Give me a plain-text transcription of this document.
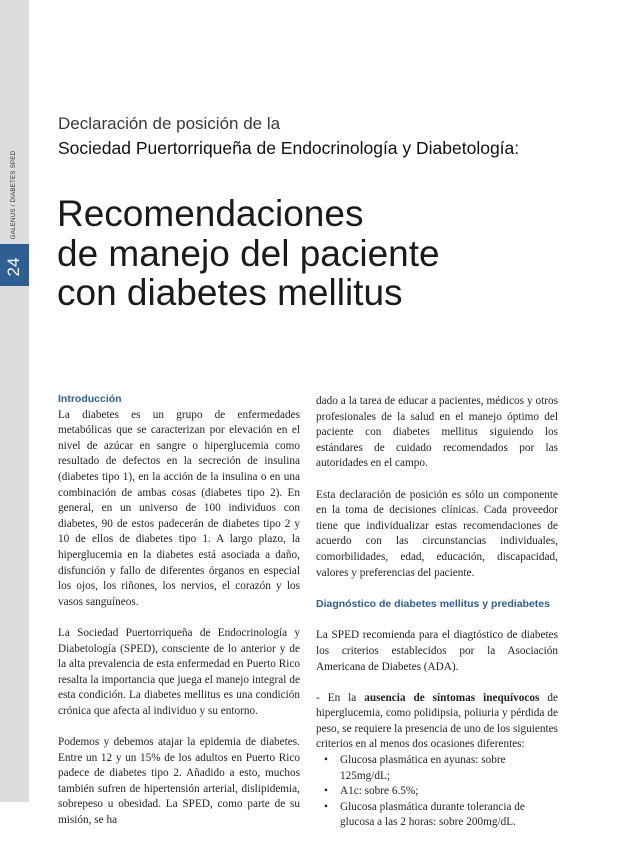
24
GALENUS / DIABETES SPED
Declaración de posición de la
Sociedad Puertorriqueña de Endocrinología y Diabetología:
Recomendaciones
de manejo del paciente
con diabetes mellitus
Introducción

La diabetes es un grupo de enfermedades metabólicas que se caracterizan por elevación en el nivel de azúcar en sangre o hiperglucemia como resultado de defectos en la secreción de insulina (diabetes tipo 1), en la acción de la insulina o en una combinación de ambas cosas (diabetes tipo 2). En general, en un universo de 100 individuos con diabetes, 90 de estos padecerán de diabetes tipo 2 y 10 de ellos de diabetes tipo 1. A largo plazo, la hiperglucemia en la diabetes está asociada a daño, disfunción y fallo de diferentes órganos en especial los ojos, los riñones, los nervios, el corazón y los vasos sanguíneos.

La Sociedad Puertorriqueña de Endocrinología y Diabetología (SPED), consciente de lo anterior y de la alta prevalencia de esta enfermedad en Puerto Rico resalta la importancia que juega el manejo integral de esta condición. La diabetes mellitus es una condición crónica que afecta al individuo y su entorno.

Podemos y debemos atajar la epidemia de diabetes. Entre un 12 y un 15% de los adultos en Puerto Rico padece de diabetes tipo 2. Añadido a esto, muchos también sufren de hipertensión arterial, dislipidemia, sobrepeso u obesidad. La SPED, como parte de su misión, se ha

dado a la tarea de educar a pacientes, médicos y otros profesionales de la salud en el manejo óptimo del paciente con diabetes mellitus siguiendo los estándares de cuidado recomendados por las autoridades en el campo.

Esta declaración de posición es sólo un componente en la toma de decisiones clínicas. Cada proveedor tiene que individualizar estas recomendaciones de acuerdo con las circunstancias individuales, comorbilidades, edad, educación, discapacidad, valores y preferencias del paciente.

Diagnóstico de diabetes mellitus y prediabetes

La SPED recomienda para el diagtóstico de diabetes los criterios establecidos por la Asociación Americana de Diabetes (ADA).

- En la ausencia de síntomas inequívocos de hiperglucemia, como polidipsia, poliuria y pérdida de peso, se requiere la presencia de uno de los siguientes criterios en al menos dos ocasiones diferentes:

• Glucosa plasmática en ayunas: sobre 125mg/dL;
• A1c: sobre 6.5%;
• Glucosa plasmática durante tolerancia de glucosa a las 2 horas: sobre 200mg/dL.
